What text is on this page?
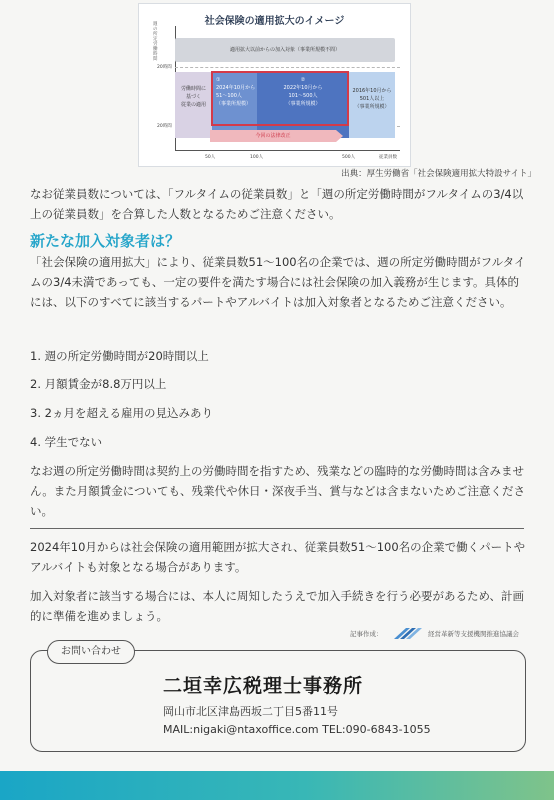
社会保険の適用拡大のイメージ
週の所定労働時間
適用拡大以前からの加入対象（事業所規模不問）
20時間
20時間
労働時間に
基づく
従業の適用
①
2024年10月から
51～100人
（事業所規模）
②
2022年10月から
101～500人
（事業所規模）
2016年10月から
501人以上
（事業所規模）
今回の法律改正
50人	100人	500人	従業員数
出典：厚生労働省「社会保険適用拡大特設サイト」
なお従業員数については、「フルタイムの従業員数」と「週の所定労働時間がフルタイムの3/4以上の従業員数」を合算した人数となるためご注意ください。
新たな加入対象者は？
「社会保険の適用拡大」により、従業員数51～100名の企業では、週の所定労働時間がフルタイムの3/4未満であっても、一定の要件を満たす場合には社会保険の加入義務が生じます。具体的には、以下のすべてに該当するパートやアルバイトは加入対象者となるためご注意ください。
1. 週の所定労働時間が20時間以上
2. 月額賃金が8.8万円以上
3. 2ヵ月を超える雇用の見込みあり
4. 学生でない
なお週の所定労働時間は契約上の労働時間を指すため、残業などの臨時的な労働時間は含みません。また月額賃金についても、残業代や休日・深夜手当、賞与などは含まないためご注意ください。
2024年10月からは社会保険の適用範囲が拡大され、従業員数51～100名の企業で働くパートやアルバイトも対象となる場合があります。
加入対象者に該当する場合には、本人に周知したうえで加入手続きを行う必要があるため、計画的に準備を進めましょう。
記事作成：	経営革新等支援機関推進協議会
お問い合わせ
二垣幸広税理士事務所
岡山市北区津島西坂二丁目5番11号
MAIL:nigaki@ntaxoffice.com TEL:090-6843-1055
